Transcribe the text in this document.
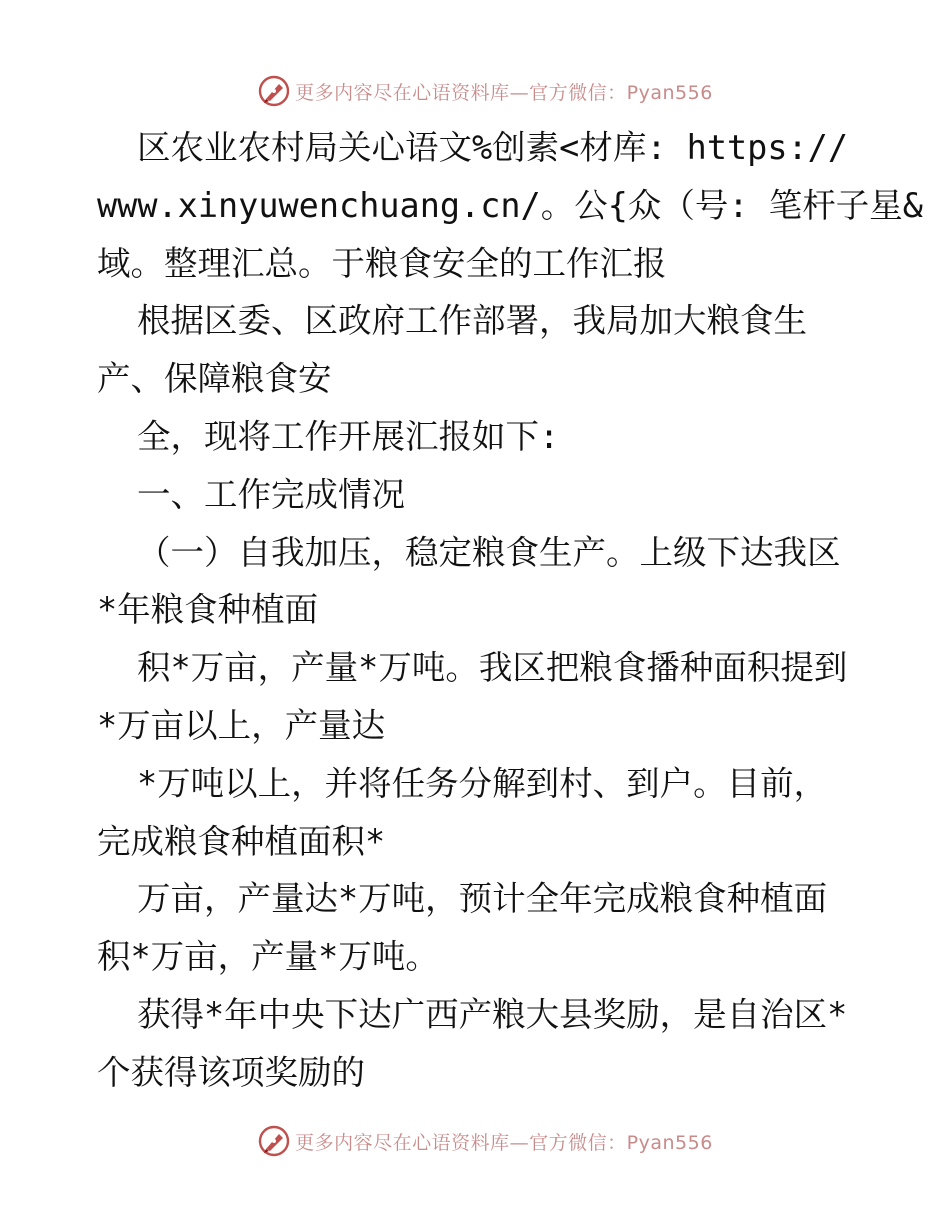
更多内容尽在心语资料库—官方微信：Pyan556
区农业农村局关心语文%创素<材库: https://
www.xinyuwenchuang.cn/。公{众（号: 笔杆子星&
域。整理汇总。于粮食安全的工作汇报
根据区委、区政府工作部署，我局加大粮食生
产、保障粮食安
全，现将工作开展汇报如下:
一、工作完成情况
（一）自我加压，稳定粮食生产。上级下达我区
*年粮食种植面
积*万亩，产量*万吨。我区把粮食播种面积提到
*万亩以上，产量达
*万吨以上，并将任务分解到村、到户。目前，
完成粮食种植面积*
万亩，产量达*万吨，预计全年完成粮食种植面
积*万亩，产量*万吨。
获得*年中央下达广西产粮大县奖励，是自治区*
个获得该项奖励的
更多内容尽在心语资料库—官方微信：Pyan556
